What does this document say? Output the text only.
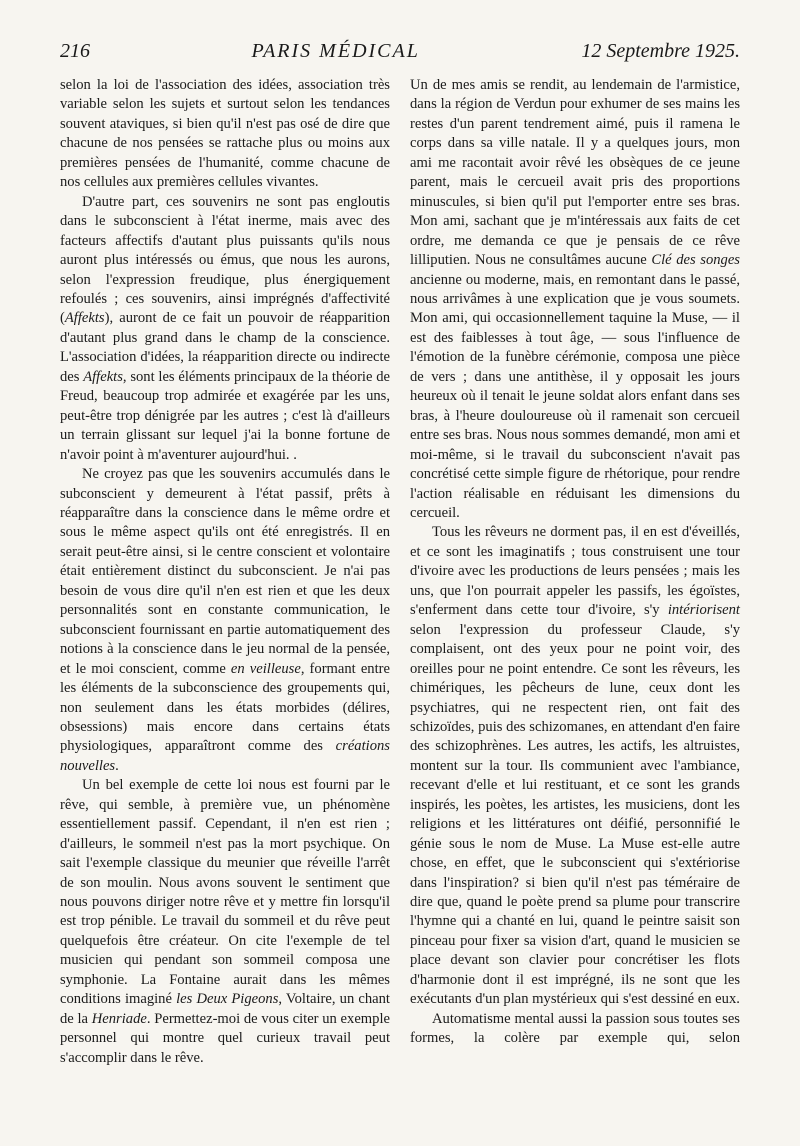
216	PARIS MÉDICAL	12 Septembre 1925.

selon la loi de l'association des idées, association très variable selon les sujets et surtout selon les tendances souvent ataviques, si bien qu'il n'est pas osé de dire que chacune de nos pensées se rattache plus ou moins aux premières pensées de l'humanité, comme chacune de nos cellules aux premières cellules vivantes.

D'autre part, ces souvenirs ne sont pas engloutis dans le subconscient à l'état inerme, mais avec des facteurs affectifs d'autant plus puissants qu'ils nous auront plus intéressés ou émus, que nous les aurons, selon l'expression freudique, plus énergiquement refoulés ; ces souvenirs, ainsi imprégnés d'affectivité (Affekts), auront de ce fait un pouvoir de réapparition d'autant plus grand dans le champ de la conscience. L'association d'idées, la réapparition directe ou indirecte des Affekts, sont les éléments principaux de la théorie de Freud, beaucoup trop admirée et exagérée par les uns, peut-être trop dénigrée par les autres ; c'est là d'ailleurs un terrain glissant sur lequel j'ai la bonne fortune de n'avoir point à m'aventurer aujourd'hui. .

Ne croyez pas que les souvenirs accumulés dans le subconscient y demeurent à l'état passif, prêts à réapparaître dans la conscience dans le même ordre et sous le même aspect qu'ils ont été enregistrés. Il en serait peut-être ainsi, si le centre conscient et volontaire était entièrement distinct du subconscient. Je n'ai pas besoin de vous dire qu'il n'en est rien et que les deux personnalités sont en constante communication, le subconscient fournissant en partie automatiquement des notions à la conscience dans le jeu normal de la pensée, et le moi conscient, comme en veilleuse, formant entre les éléments de la subconscience des groupements qui, non seulement dans les états morbides (délires, obsessions) mais encore dans certains états physiologiques, apparaîtront comme des créations nouvelles.

Un bel exemple de cette loi nous est fourni par le rêve, qui semble, à première vue, un phénomène essentiellement passif. Cependant, il n'en est rien ; d'ailleurs, le sommeil n'est pas la mort psychique. On sait l'exemple classique du meunier que réveille l'arrêt de son moulin. Nous avons souvent le sentiment que nous pouvons diriger notre rêve et y mettre fin lorsqu'il est trop pénible. Le travail du sommeil et du rêve peut quelquefois être créateur. On cite l'exemple de tel musicien qui pendant son sommeil composa une symphonie. La Fontaine aurait dans les mêmes conditions imaginé les Deux Pigeons, Voltaire, un chant de la Henriade. Permettez-moi de vous citer un exemple personnel qui montre quel curieux travail peut s'accomplir dans le rêve.

Un de mes amis se rendit, au lendemain de l'armistice, dans la région de Verdun pour exhumer de ses mains les restes d'un parent tendrement aimé, puis il ramena le corps dans sa ville natale. Il y a quelques jours, mon ami me racontait avoir rêvé les obsèques de ce jeune parent, mais le cercueil avait pris des proportions minuscules, si bien qu'il put l'emporter entre ses bras. Mon ami, sachant que je m'intéressais aux faits de cet ordre, me demanda ce que je pensais de ce rêve lilliputien. Nous ne consultâmes aucune Clé des songes ancienne ou moderne, mais, en remontant dans le passé, nous arrivâmes à une explication que je vous soumets. Mon ami, qui occasionnellement taquine la Muse, — il est des faiblesses à tout âge, — sous l'influence de l'émotion de la funèbre cérémonie, composa une pièce de vers ; dans une antithèse, il y opposait les jours heureux où il tenait le jeune soldat alors enfant dans ses bras, à l'heure douloureuse où il ramenait son cercueil entre ses bras. Nous nous sommes demandé, mon ami et moi-même, si le travail du subconscient n'avait pas concrétisé cette simple figure de rhétorique, pour rendre l'action réalisable en réduisant les dimensions du cercueil.

Tous les rêveurs ne dorment pas, il en est d'éveillés, et ce sont les imaginatifs ; tous construisent une tour d'ivoire avec les productions de leurs pensées ; mais les uns, que l'on pourrait appeler les passifs, les égoïstes, s'enferment dans cette tour d'ivoire, s'y intériorisent selon l'expression du professeur Claude, s'y complaisent, ont des yeux pour ne point voir, des oreilles pour ne point entendre. Ce sont les rêveurs, les chimériques, les pêcheurs de lune, ceux dont les psychiatres, qui ne respectent rien, ont fait des schizoïdes, puis des schizomanes, en attendant d'en faire des schizophrènes. Les autres, les actifs, les altruistes, montent sur la tour. Ils communient avec l'ambiance, recevant d'elle et lui restituant, et ce sont les grands inspirés, les poètes, les artistes, les musiciens, dont les religions et les littératures ont déifié, personnifié le génie sous le nom de Muse. La Muse est-elle autre chose, en effet, que le subconscient qui s'extériorise dans l'inspiration? si bien qu'il n'est pas téméraire de dire que, quand le poète prend sa plume pour transcrire l'hymne qui a chanté en lui, quand le peintre saisit son pinceau pour fixer sa vision d'art, quand le musicien se place devant son clavier pour concrétiser les flots d'harmonie dont il est imprégné, ils ne sont que les exécutants d'un plan mystérieux qui s'est dessiné en eux.

Automatisme mental aussi la passion sous toutes ses formes, la colère par exemple qui, selon
